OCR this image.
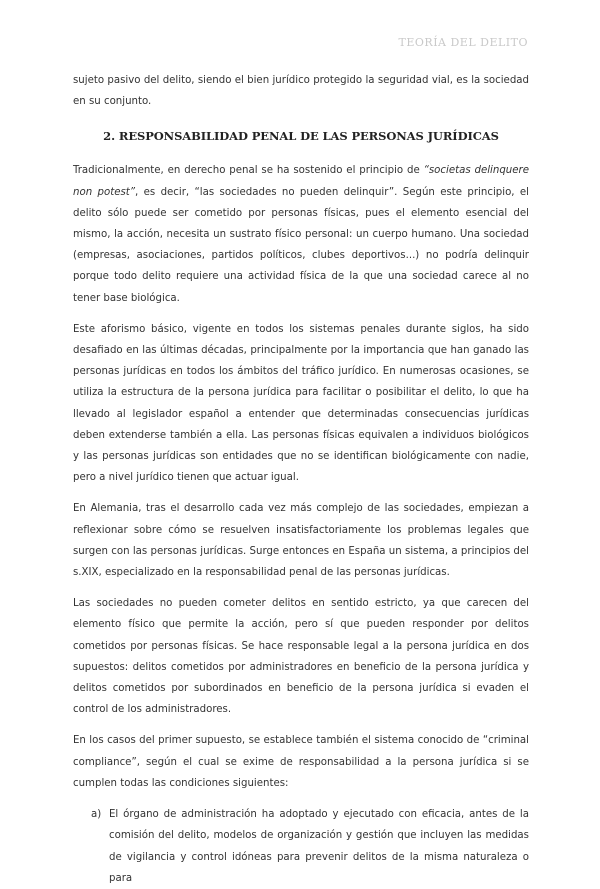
TEORÍA DEL DELITO

sujeto pasivo del delito, siendo el bien jurídico protegido la seguridad vial, es la sociedad en su conjunto.

2. RESPONSABILIDAD PENAL DE LAS PERSONAS JURÍDICAS

Tradicionalmente, en derecho penal se ha sostenido el principio de “societas delinquere non potest”, es decir, “las sociedades no pueden delinquir”. Según este principio, el delito sólo puede ser cometido por personas físicas, pues el elemento esencial del mismo, la acción, necesita un sustrato físico personal: un cuerpo humano. Una sociedad (empresas, asociaciones, partidos políticos, clubes deportivos...) no podría delinquir porque todo delito requiere una actividad física de la que una sociedad carece al no tener base biológica.

Este aforismo básico, vigente en todos los sistemas penales durante siglos, ha sido desafiado en las últimas décadas, principalmente por la importancia que han ganado las personas jurídicas en todos los ámbitos del tráfico jurídico. En numerosas ocasiones, se utiliza la estructura de la persona jurídica para facilitar o posibilitar el delito, lo que ha llevado al legislador español a entender que determinadas consecuencias jurídicas deben extenderse también a ella. Las personas físicas equivalen a individuos biológicos y las personas jurídicas son entidades que no se identifican biológicamente con nadie, pero a nivel jurídico tienen que actuar igual.

En Alemania, tras el desarrollo cada vez más complejo de las sociedades, empiezan a reflexionar sobre cómo se resuelven insatisfactoriamente los problemas legales que surgen con las personas jurídicas. Surge entonces en España un sistema, a principios del s.XIX, especializado en la responsabilidad penal de las personas jurídicas.

Las sociedades no pueden cometer delitos en sentido estricto, ya que carecen del elemento físico que permite la acción, pero sí que pueden responder por delitos cometidos por personas físicas. Se hace responsable legal a la persona jurídica en dos supuestos: delitos cometidos por administradores en beneficio de la persona jurídica y delitos cometidos por subordinados en beneficio de la persona jurídica si evaden el control de los administradores.

En los casos del primer supuesto, se establece también el sistema conocido de “criminal compliance”, según el cual se exime de responsabilidad a la persona jurídica si se cumplen todas las condiciones siguientes:

a) El órgano de administración ha adoptado y ejecutado con eficacia, antes de la comisión del delito, modelos de organización y gestión que incluyen las medidas de vigilancia y control idóneas para prevenir delitos de la misma naturaleza o para
